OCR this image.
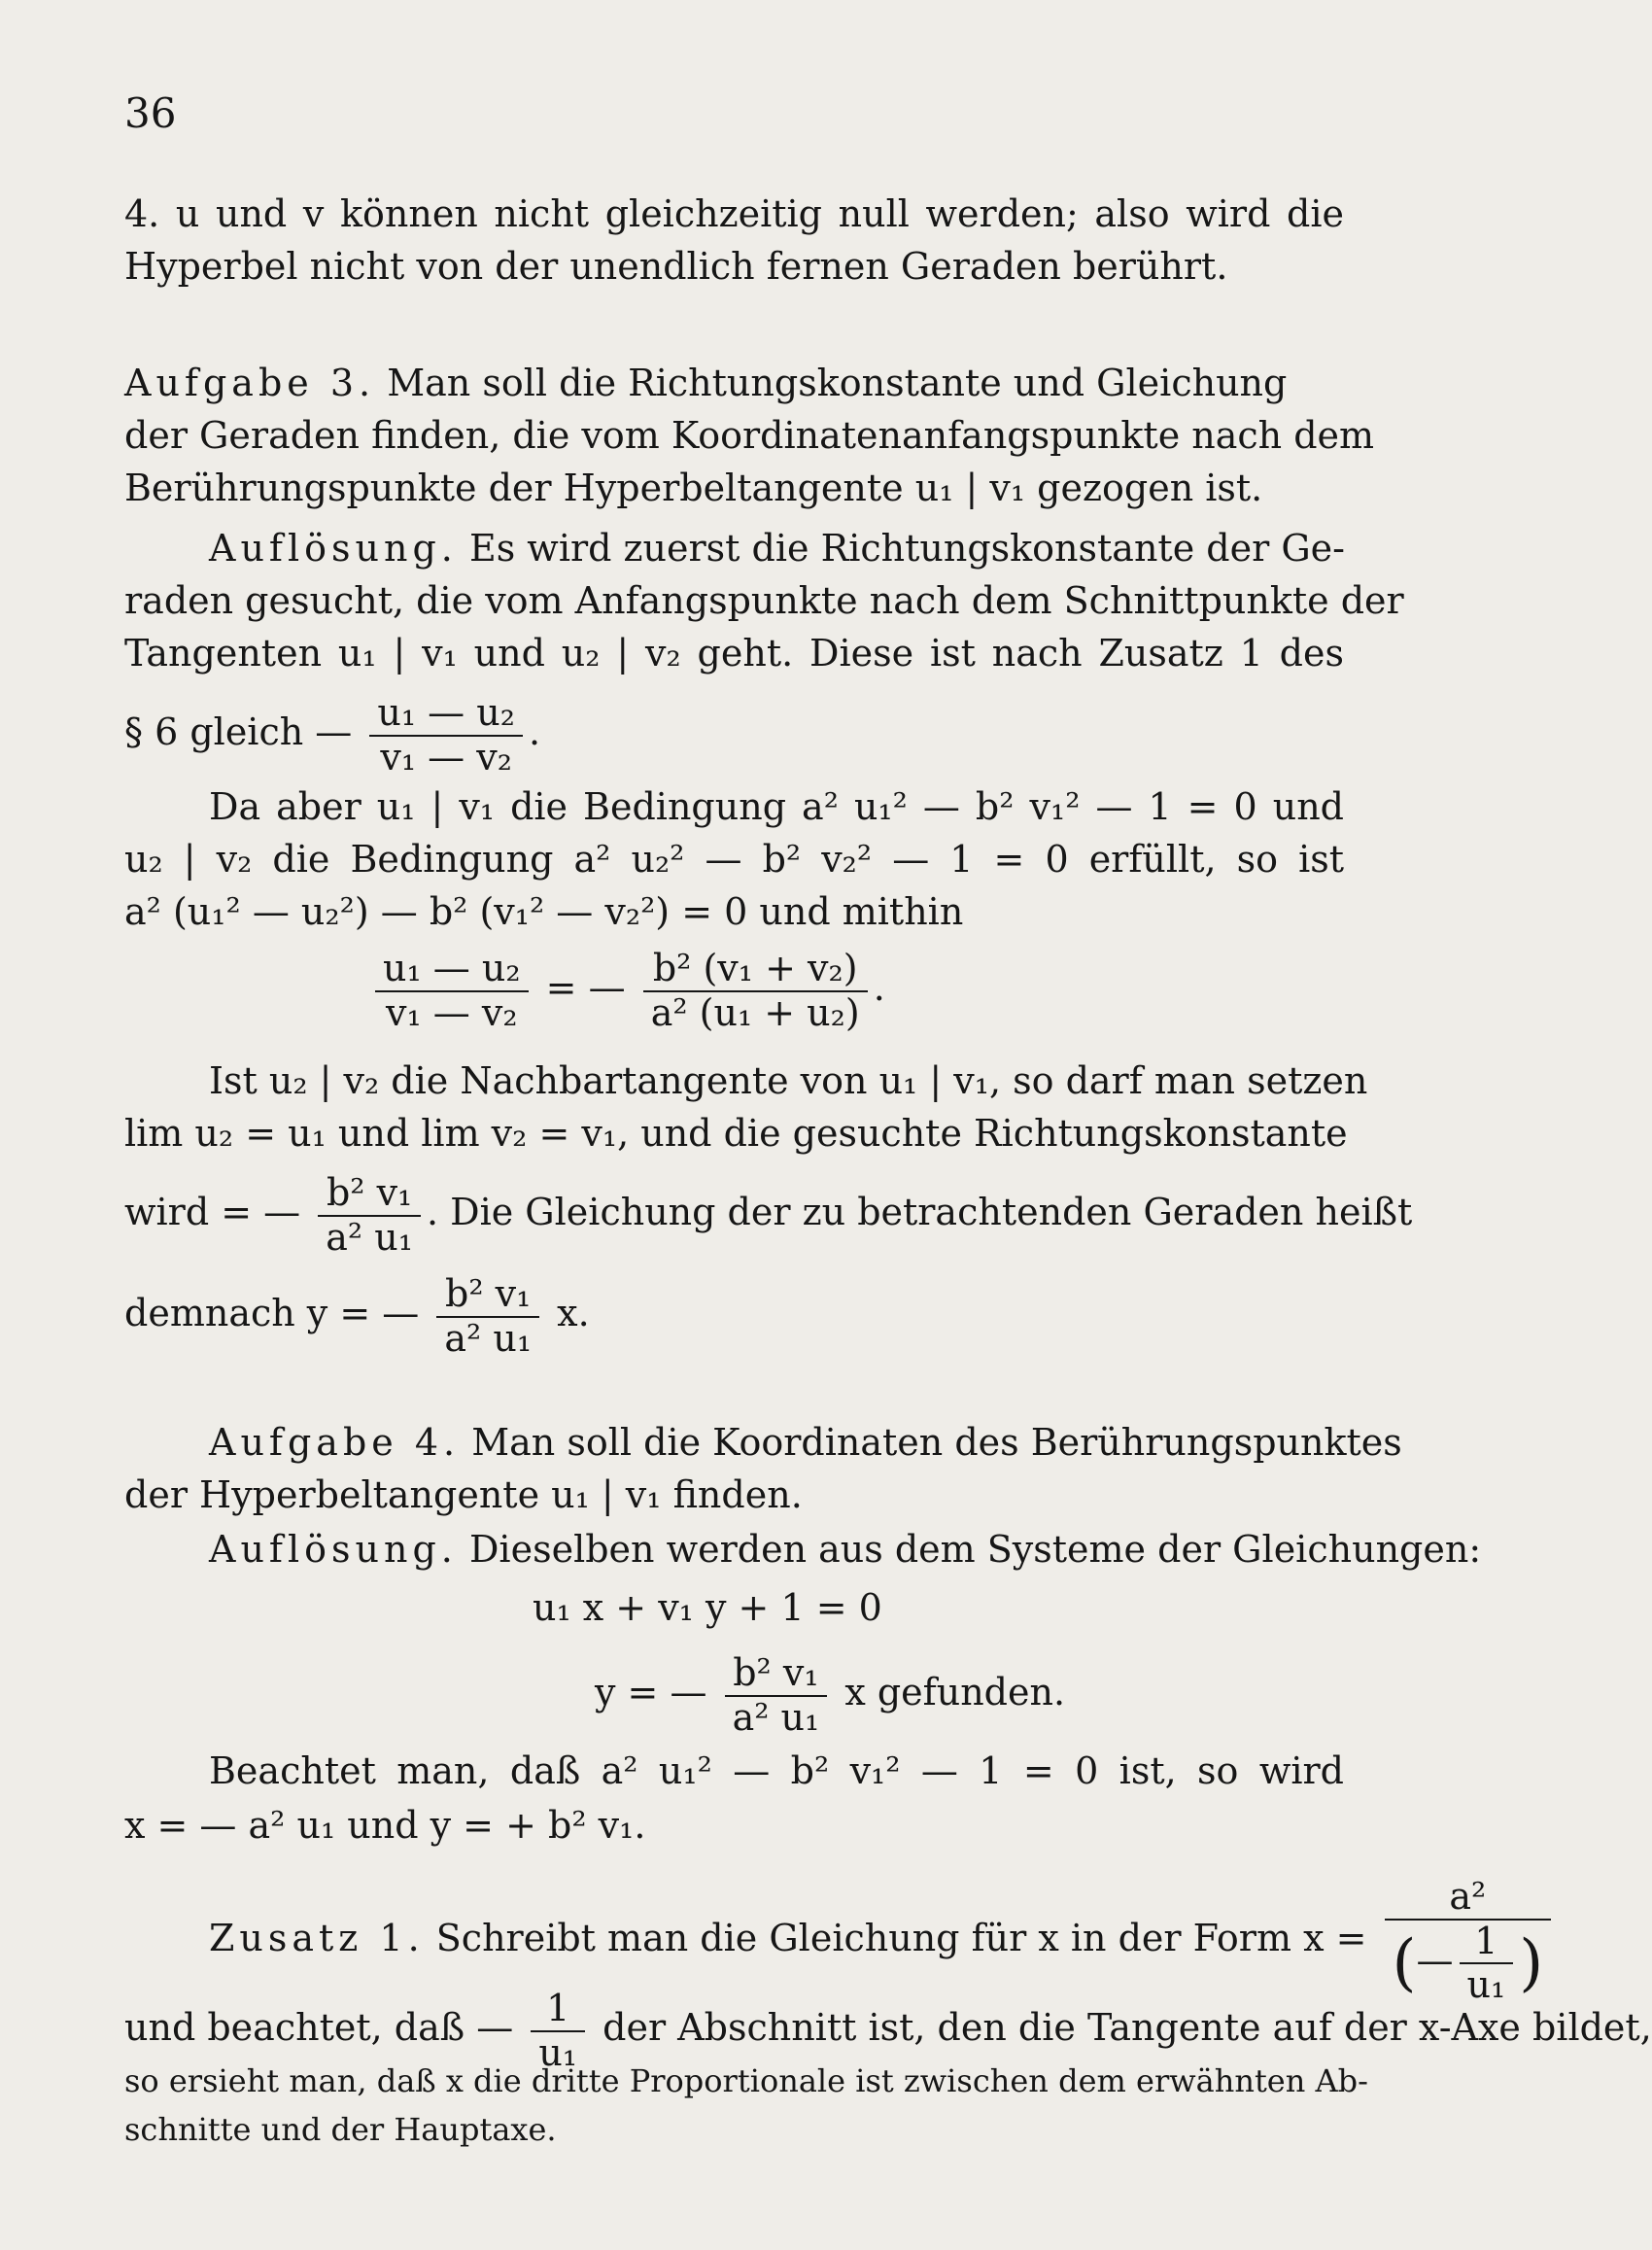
36
4. u und v können nicht gleichzeitig null werden; also wird die
Hyperbel nicht von der unendlich fernen Geraden berührt.
Aufgabe 3. Man soll die Richtungskonstante und Gleichung
der Geraden finden, die vom Koordinatenanfangspunkte nach dem
Berührungspunkte der Hyperbeltangente u₁ | v₁ gezogen ist.
Auflösung. Es wird zuerst die Richtungskonstante der Ge-
raden gesucht, die vom Anfangspunkte nach dem Schnittpunkte der
Tangenten u₁ | v₁ und u₂ | v₂ geht. Diese ist nach Zusatz 1 des
§ 6 gleich — $\frac{\text{u₁ — u₂}}{\text{v₁ — v₂}}$ .
Da aber u₁ | v₁ die Bedingung a² u₁² — b² v₁² — 1 = 0 und
u₂ | v₂ die Bedingung a² u₂² — b² v₂² — 1 = 0 erfüllt, so ist
a² (u₁² — u₂²) — b² (v₁² — v₂²) = 0 und mithin
$\frac{\text{u₁ — u₂}}{\text{v₁ — v₂}}$ = — $\frac{\text{b² (v₁ + v₂)}}{\text{a² (u₁ + u₂)}}$ .
Ist u₂ | v₂ die Nachbartangente von u₁ | v₁, so darf man setzen
lim u₂ = u₁ und lim v₂ = v₁, und die gesuchte Richtungskonstante
wird = — $\frac{\text{b² v₁}}{\text{a² u₁}}$ . Die Gleichung der zu betrachtenden Geraden heißt
demnach y = — $\frac{\text{b² v₁}}{\text{a² u₁}} x$.
Aufgabe 4. Man soll die Koordinaten des Berührungspunktes
der Hyperbeltangente u₁ | v₁ finden.
Auflösung. Dieselben werden aus dem Systeme der Gleichungen:
u₁ x + v₁ y + 1 = 0
y = — $\frac{\text{b² v₁}}{\text{a² u₁}}$ x gefunden.
Beachtet man, daß a² u₁² — b² v₁² — 1 = 0 ist, so wird
x = — a² u₁ und y = + b² v₁.
Zusatz 1. Schreibt man die Gleichung für x in der Form $x = \frac{\text{a²}}{(— \frac{1}{\text{u₁}} )}$
und beachtet, daß — $\frac{1}{\text{u₁}}$ der Abschnitt ist, den die Tangente auf der x-Axe bildet,
so ersieht man, daß x die dritte Proportionale ist zwischen dem erwähnten Ab-
schnitte und der Hauptaxe.
